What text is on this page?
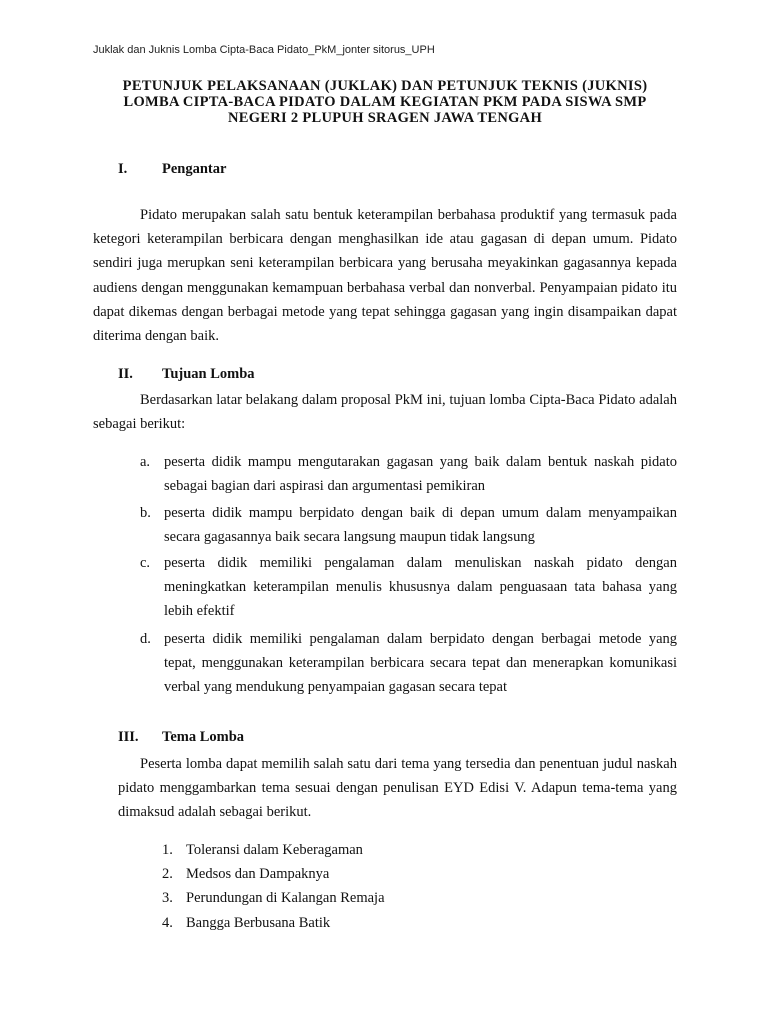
Juklak dan Juknis Lomba Cipta-Baca Pidato_PkM_jonter sitorus_UPH
PETUNJUK PELAKSANAAN (JUKLAK) DAN PETUNJUK TEKNIS (JUKNIS)
LOMBA CIPTA-BACA PIDATO DALAM KEGIATAN PKM PADA SISWA SMP
NEGERI 2 PLUPUH SRAGEN JAWA TENGAH
I. Pengantar

Pidato merupakan salah satu bentuk keterampilan berbahasa produktif yang termasuk pada ketegori keterampilan berbicara dengan menghasilkan ide atau gagasan di depan umum. Pidato sendiri juga merupkan seni keterampilan berbicara yang berusaha meyakinkan gagasannya kepada audiens dengan menggunakan kemampuan berbahasa verbal dan nonverbal. Penyampaian pidato itu dapat dikemas dengan berbagai metode yang tepat sehingga gagasan yang ingin disampaikan dapat diterima dengan baik.

II. Tujuan Lomba

Berdasarkan latar belakang dalam proposal PkM ini, tujuan lomba Cipta-Baca Pidato adalah sebagai berikut:

a. peserta didik mampu mengutarakan gagasan yang baik dalam bentuk naskah pidato sebagai bagian dari aspirasi dan argumentasi pemikiran
b. peserta didik mampu berpidato dengan baik di depan umum dalam menyampaikan secara gagasannya baik secara langsung maupun tidak langsung
c. peserta didik memiliki pengalaman dalam menuliskan naskah pidato dengan meningkatkan keterampilan menulis khususnya dalam penguasaan tata bahasa yang lebih efektif
d. peserta didik memiliki pengalaman dalam berpidato dengan berbagai metode yang tepat, menggunakan keterampilan berbicara secara tepat dan menerapkan komunikasi verbal yang mendukung penyampaian gagasan secara tepat
III. Tema Lomba

Peserta lomba dapat memilih salah satu dari tema yang tersedia dan penentuan judul naskah pidato menggambarkan tema sesuai dengan penulisan EYD Edisi V. Adapun tema-tema yang dimaksud adalah sebagai berikut.

1. Toleransi dalam Keberagaman
2. Medsos dan Dampaknya
3. Perundungan di Kalangan Remaja
4. Bangga Berbusana Batik
